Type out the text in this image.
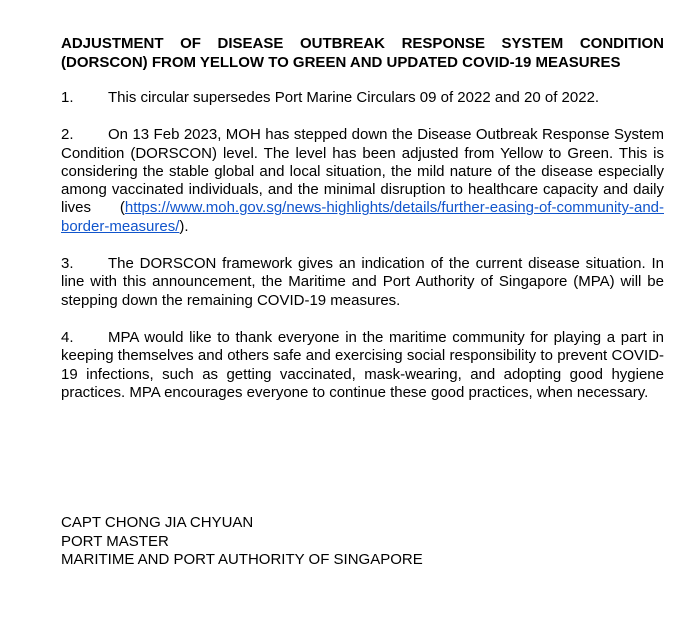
ADJUSTMENT OF DISEASE OUTBREAK RESPONSE SYSTEM CONDITION (DORSCON) FROM YELLOW TO GREEN AND UPDATED COVID-19 MEASURES

1. This circular supersedes Port Marine Circulars 09 of 2022 and 20 of 2022.

2. On 13 Feb 2023, MOH has stepped down the Disease Outbreak Response System Condition (DORSCON) level. The level has been adjusted from Yellow to Green. This is considering the stable global and local situation, the mild nature of the disease especially among vaccinated individuals, and the minimal disruption to healthcare capacity and daily lives (https://www.moh.gov.sg/news-highlights/details/further-easing-of-community-and-border-measures/).

3. The DORSCON framework gives an indication of the current disease situation. In line with this announcement, the Maritime and Port Authority of Singapore (MPA) will be stepping down the remaining COVID-19 measures.

4. MPA would like to thank everyone in the maritime community for playing a part in keeping themselves and others safe and exercising social responsibility to prevent COVID-19 infections, such as getting vaccinated, mask-wearing, and adopting good hygiene practices. MPA encourages everyone to continue these good practices, when necessary.

CAPT CHONG JIA CHYUAN
PORT MASTER
MARITIME AND PORT AUTHORITY OF SINGAPORE
